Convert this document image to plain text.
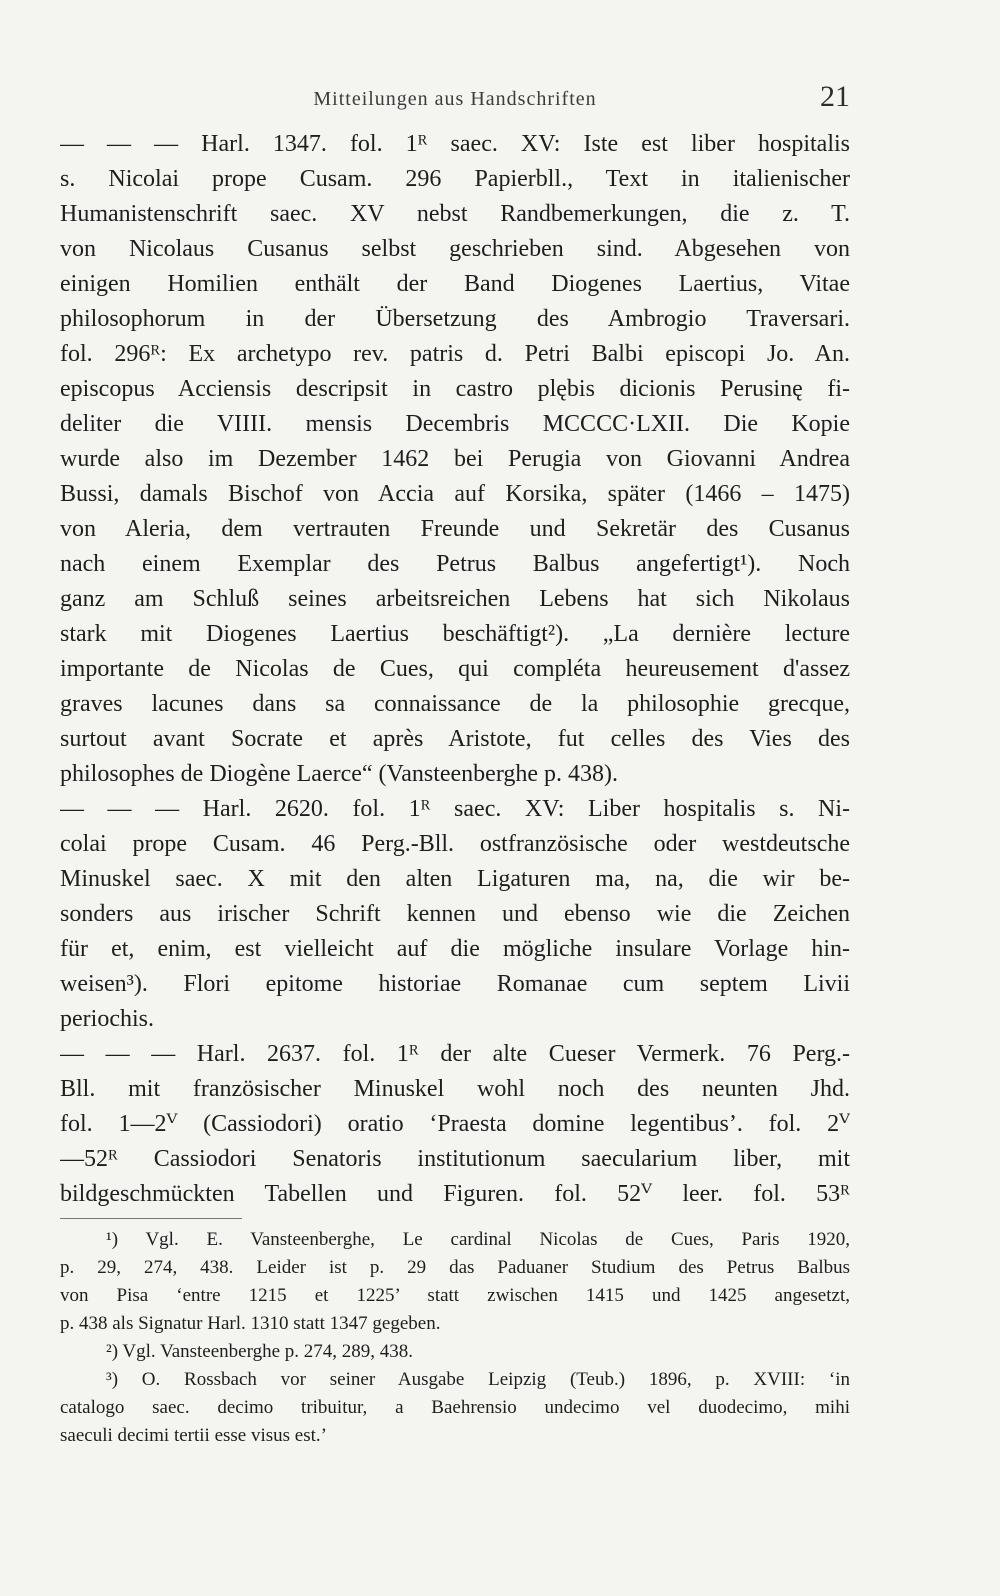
Mitteilungen aus Handschriften	21
— — — Harl. 1347. fol. 1ᴿ saec. XV: Iste est liber hospitalis
s. Nicolai prope Cusam. 296 Papierbll., Text in italienischer
Humanistenschrift saec. XV nebst Randbemerkungen, die z. T.
von Nicolaus Cusanus selbst geschrieben sind. Abgesehen von
einigen Homilien enthält der Band Diogenes Laertius, Vitae
philosophorum in der Übersetzung des Ambrogio Traversari.
fol. 296ᴿ: Ex archetypo rev. patris d. Petri Balbi episcopi Jo. An.
episcopus Acciensis descripsit in castro plębis dicionis Perusinę fi-
deliter die VIIII. mensis Decembris MCCCC·LXII. Die Kopie
wurde also im Dezember 1462 bei Perugia von Giovanni Andrea
Bussi, damals Bischof von Accia auf Korsika, später (1466 – 1475)
von Aleria, dem vertrauten Freunde und Sekretär des Cusanus
nach einem Exemplar des Petrus Balbus angefertigt¹). Noch
ganz am Schluß seines arbeitsreichen Lebens hat sich Nikolaus
stark mit Diogenes Laertius beschäftigt²). „La dernière lecture
importante de Nicolas de Cues, qui compléta heureusement d'assez
graves lacunes dans sa connaissance de la philosophie grecque,
surtout avant Socrate et après Aristote, fut celles des Vies des
philosophes de Diogène Laerce“ (Vansteenberghe p. 438).
— — — Harl. 2620. fol. 1ᴿ saec. XV: Liber hospitalis s. Ni-
colai prope Cusam. 46 Perg.-Bll. ostfranzösische oder westdeutsche
Minuskel saec. X mit den alten Ligaturen ma, na, die wir be-
sonders aus irischer Schrift kennen und ebenso wie die Zeichen
für et, enim, est vielleicht auf die mögliche insulare Vorlage hin-
weisen³). Flori epitome historiae Romanae cum septem Livii
periochis.
— — — Harl. 2637. fol. 1ᴿ der alte Cueser Vermerk. 76 Perg.-
Bll. mit französischer Minuskel wohl noch des neunten Jhd.
fol. 1—2ⱽ (Cassiodori) oratio ‘Praesta domine legentibus’. fol. 2ⱽ
—52ᴿ Cassiodori Senatoris institutionum saecularium liber, mit
bildgeschmückten Tabellen und Figuren. fol. 52ⱽ leer. fol. 53ᴿ
¹) Vgl. E. Vansteenberghe, Le cardinal Nicolas de Cues, Paris 1920,
p. 29, 274, 438. Leider ist p. 29 das Paduaner Studium des Petrus Balbus
von Pisa ‘entre 1215 et 1225’ statt zwischen 1415 und 1425 angesetzt,
p. 438 als Signatur Harl. 1310 statt 1347 gegeben.
²) Vgl. Vansteenberghe p. 274, 289, 438.
³) O. Rossbach vor seiner Ausgabe Leipzig (Teub.) 1896, p. XVIII: ‘in
catalogo saec. decimo tribuitur, a Baehrensio undecimo vel duodecimo, mihi
saeculi decimi tertii esse visus est.’
